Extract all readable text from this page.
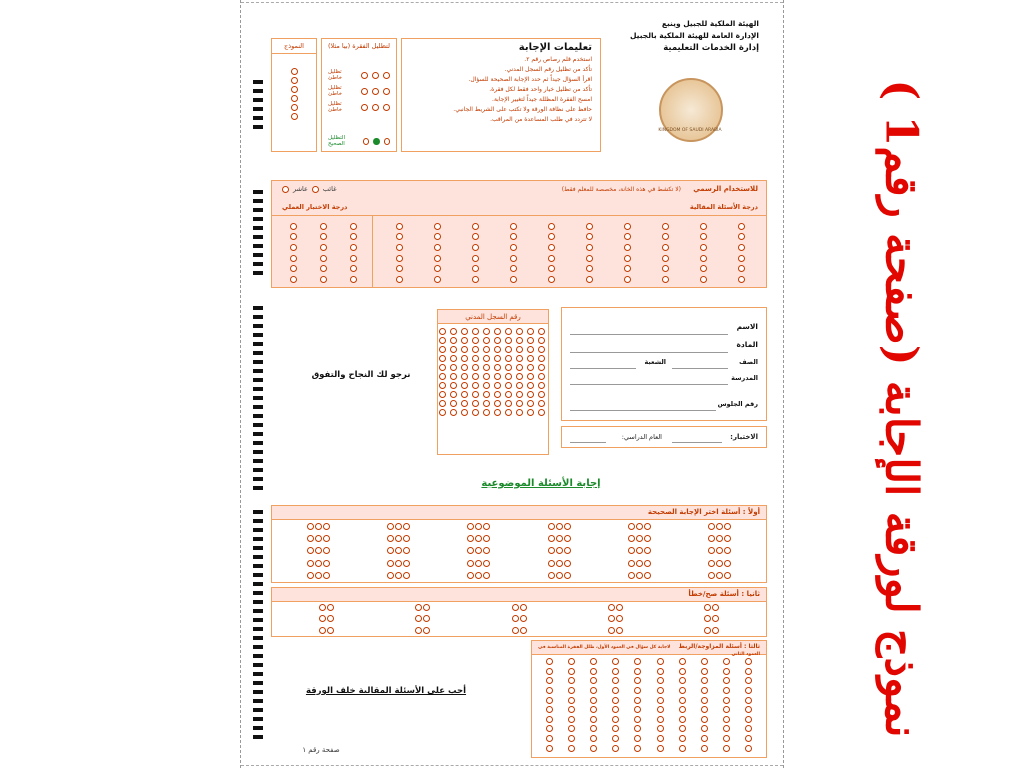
نموذج لورقة الإجابة (صفحة رقم1 )
الهيئة الملكية للجبيل وينبع
الإدارة العامة للهيئة الملكية بالجبيل
إدارة الخدمات التعليمية
KINGDOM OF SAUDI ARABIA
تعليمات الإجابة
استخدم قلم رصاص رقم ٢.
تأكد من تظليل رقم السجل المدني.
اقرأ السؤال جيداً ثم حدد الإجابة الصحيحة للسؤال.
تأكد من تظليل خيار واحد فقط لكل فقرة.
امسح الفقرة المظللة جيداً لتغيير الإجابة.
حافظ على نظافة الورقة ولا تكتب على الشريط الجانبي.
لا تتردد في طلب المساعدة من المراقب.
لتظليل الفقرة (بيا مثلا)
تظليل خاطئ
تظليل خاطئ
تظليل خاطئ
التظليل الصحيح
النموذج
للاستخدام الرسمي (لا تكشط في هذه الخانة، مخصصة للمعلم فقط)
درجة الأسئلة المقالية
غائب
عاشر
درجة الاختبار العملي
الاسم
المادة
الصف
الشعبة
المدرسة
رقم الجلوس
الاختبار:
العام الدراسي:
رقم السجل المدني
نرجو لك النجاح والتفوق
إجابة الأسئلة الموضوعية
أولاً : أسئلة اختر الإجابة الصحيحة
ثانيا : أسئلة صح/خطأ
ثالثا : أسئلة المزاوجة/الربط لاجابة كل سؤال في العمود الأول، ظلل الفقرة المناسبة في العمود الثاني
أجب على الأسئلة المقالية خلف الورقة
صفحة رقم ١
